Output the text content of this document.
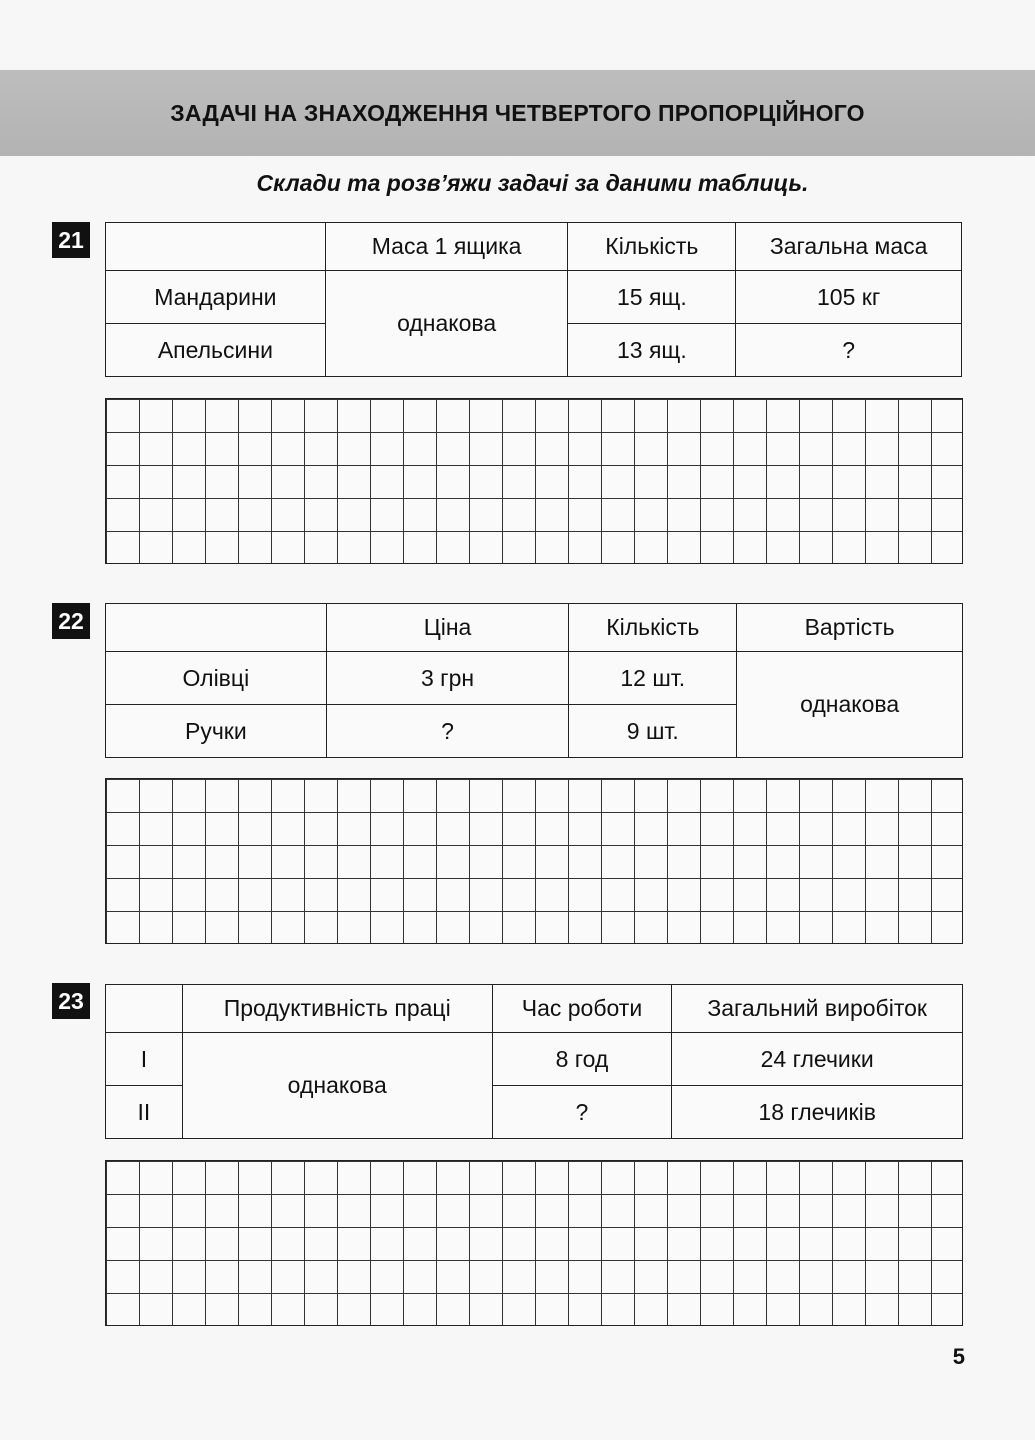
ЗАДАЧІ НА ЗНАХОДЖЕННЯ ЧЕТВЕРТОГО ПРОПОРЦІЙНОГО
Склади та розв’яжи задачі за даними таблиць.
21
		Маса 1 ящика	Кількість	Загальна маса
Мандарини	однакова	15 ящ.	105 кг
Апельсини		13 ящ.	?
22
		Ціна	Кількість	Вартість
Олівці	3 грн	12 шт.	однакова
Ручки	?	9 шт.	
23
		Продуктивність праці	Час роботи	Загальний виробіток
I	однакова	8 год	24 глечики
II		?	18 глечиків
5
